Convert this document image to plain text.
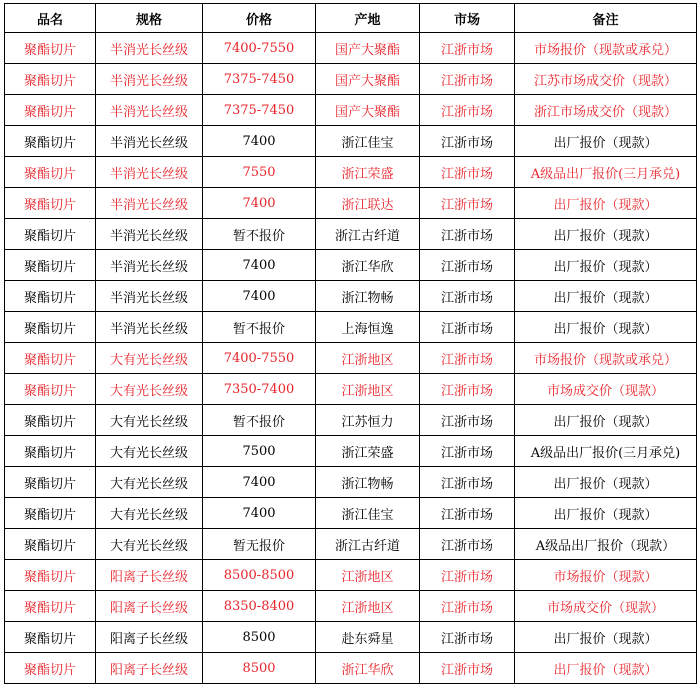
品名	规格	价格	产地	市场	备注
聚酯切片	半消光长丝级	7400-7550	国产大聚酯	江浙市场	市场报价（现款或承兑）
聚酯切片	半消光长丝级	7375-7450	国产大聚酯	江浙市场	江苏市场成交价（现款）
聚酯切片	半消光长丝级	7375-7450	国产大聚酯	江浙市场	浙江市场成交价（现款）
聚酯切片	半消光长丝级	7400	浙江佳宝	江浙市场	出厂报价（现款）
聚酯切片	半消光长丝级	7550	浙江荣盛	江浙市场	A级品出厂报价(三月承兑)
聚酯切片	半消光长丝级	7400	浙江联达	江浙市场	出厂报价（现款）
聚酯切片	半消光长丝级	暂不报价	浙江古纤道	江浙市场	出厂报价（现款）
聚酯切片	半消光长丝级	7400	浙江华欣	江浙市场	出厂报价（现款）
聚酯切片	半消光长丝级	7400	浙江物畅	江浙市场	出厂报价（现款）
聚酯切片	半消光长丝级	暂不报价	上海恒逸	江浙市场	出厂报价（现款）
聚酯切片	大有光长丝级	7400-7550	江浙地区	江浙市场	市场报价（现款或承兑）
聚酯切片	大有光长丝级	7350-7400	江浙地区	江浙市场	市场成交价（现款）
聚酯切片	大有光长丝级	暂不报价	江苏恒力	江浙市场	出厂报价（现款）
聚酯切片	大有光长丝级	7500	浙江荣盛	江浙市场	A级品出厂报价(三月承兑)
聚酯切片	大有光长丝级	7400	浙江物畅	江浙市场	出厂报价（现款）
聚酯切片	大有光长丝级	7400	浙江佳宝	江浙市场	出厂报价（现款）
聚酯切片	大有光长丝级	暂无报价	浙江古纤道	江浙市场	A级品出厂报价（现款）
聚酯切片	阳离子长丝级	8500-8500	江浙地区	江浙市场	市场报价（现款）
聚酯切片	阳离子长丝级	8350-8400	江浙地区	江浙市场	市场成交价（现款）
聚酯切片	阳离子长丝级	8500	赴东舜星	江浙市场	出厂报价（现款）
聚酯切片	阳离子长丝级	8500	浙江华欣	江浙市场	出厂报价（现款）
